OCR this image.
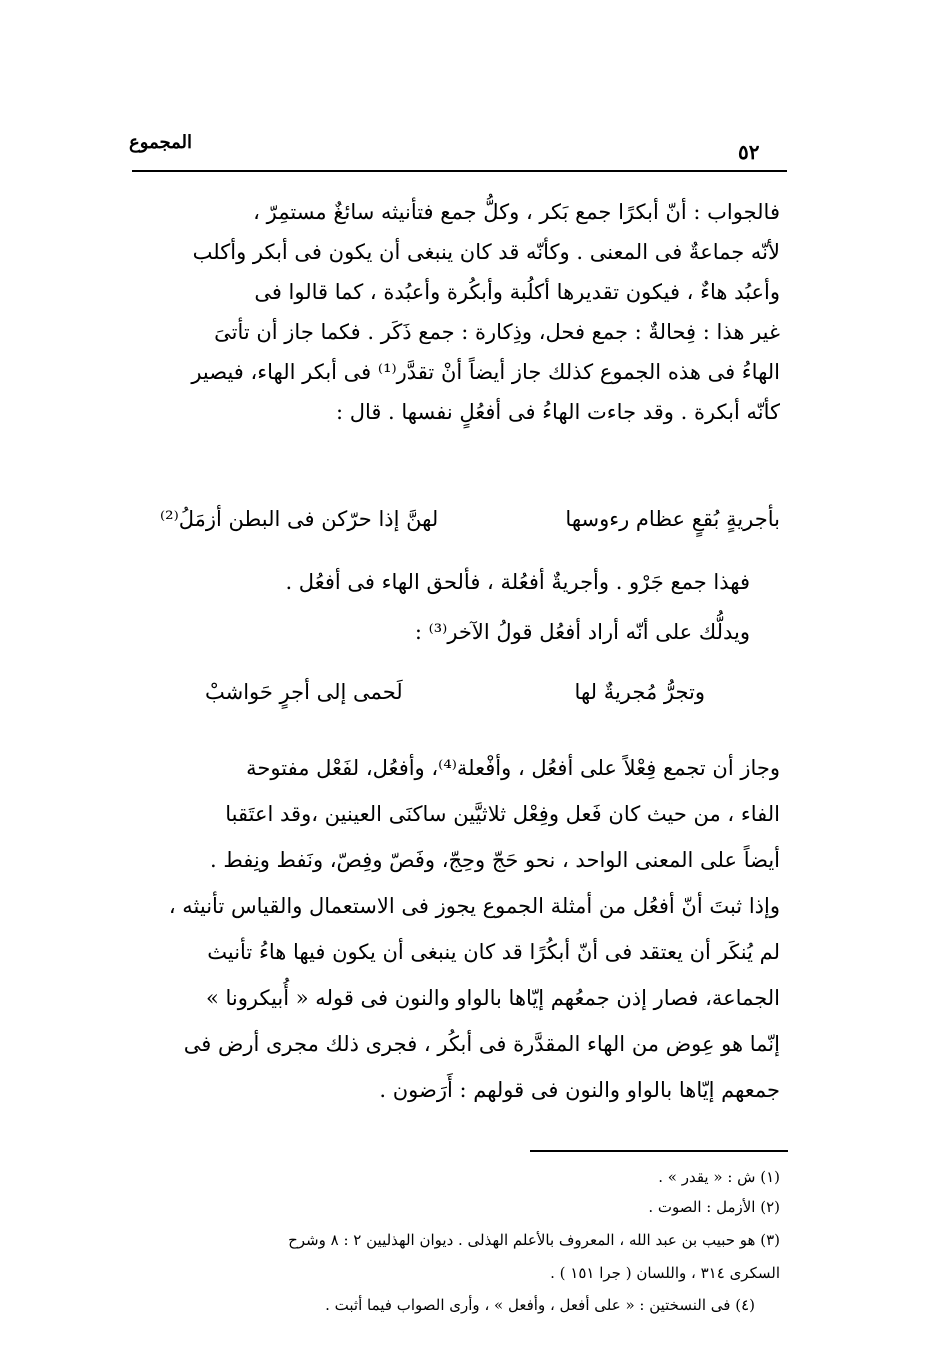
المجموع	٥٢
فالجواب : أنّ أبكرًا جمع بَكر ، وكلُّ جمع فتأنيثه سائغٌ مستمِرّ ،
لأنّه جماعةٌ فى المعنى . وكأنّه قد كان ينبغى أن يكون فى أبكر وأكلب
وأعبُد هاءٌ ، فيكون تقديرها أكلُبة وأبكُرة وأعبُدة ، كما قالوا فى
غير هذا : فِحالةٌ : جمع فحل، وذِكارة : جمع ذَكَر . فكما جاز أن تأتىَ
الهاءُ فى هذه الجموع كذلك جاز أيضاً أنْ تقدَّر⁽¹⁾ فى أبكر الهاء، فيصير
كأنّه أبكرة . وقد جاءت الهاءُ فى أفعُلٍ نفسها . قال :
بأجريةٍ بُقعٍ عظام رءوسها
لهنَّ إذا حرّكن فى البطن أزمَلُ⁽²⁾
فهذا جمع جَرْو . وأجريةٌ أفعُلة ، فألحق الهاء فى أفعُل .
ويدلُّك على أنّه أراد أفعُل قولُ الآخر⁽³⁾ :
وتجرُّ مُجريةٌ لها
لَحمى إلى أجرٍ حَواشبْ
وجاز أن تجمع فِعْلاً على أفعُل ، وأفْعلة⁽⁴⁾، وأفعُل، لفَعْل مفتوحة
الفاء ، من حيث كان فَعل وفِعْل ثلاثيَّين ساكنَى العينين ،وقد اعتَقبا
أيضاً على المعنى الواحد ، نحو حَجّ وحِجّ، وفَصّ وفِصّ، ونَفط ونِفط .
وإذا ثبتَ أنّ أفعُل من أمثلة الجموع يجوز فى الاستعمال والقياس تأنيثه ،
لم يُنكَر أن يعتقد فى أنّ أبكُرًا قد كان ينبغى أن يكون فيها هاءُ تأنيث
الجماعة، فصار إذن جمعُهم إيّاها بالواو والنون فى قوله « أُبيكرونا »
إنّما هو عِوض من الهاء المقدَّرة فى أبكُر ، فجرى ذلك مجرى أرض فى
جمعهم إيّاها بالواو والنون فى قولهم : أَرَضون .
(١) ش : « يقدر » .
(٢) الأزمل : الصوت .
(٣) هو حبيب بن عبد الله ، المعروف بالأعلم الهذلى . ديوان الهذليين ٢ : ٨ وشرح
السكرى ٣١٤ ، واللسان ( جرا ١٥١ ) .
(٤) فى النسختين : « على أفعل ، وأفعل » ، وأرى الصواب فيما أثبت .
